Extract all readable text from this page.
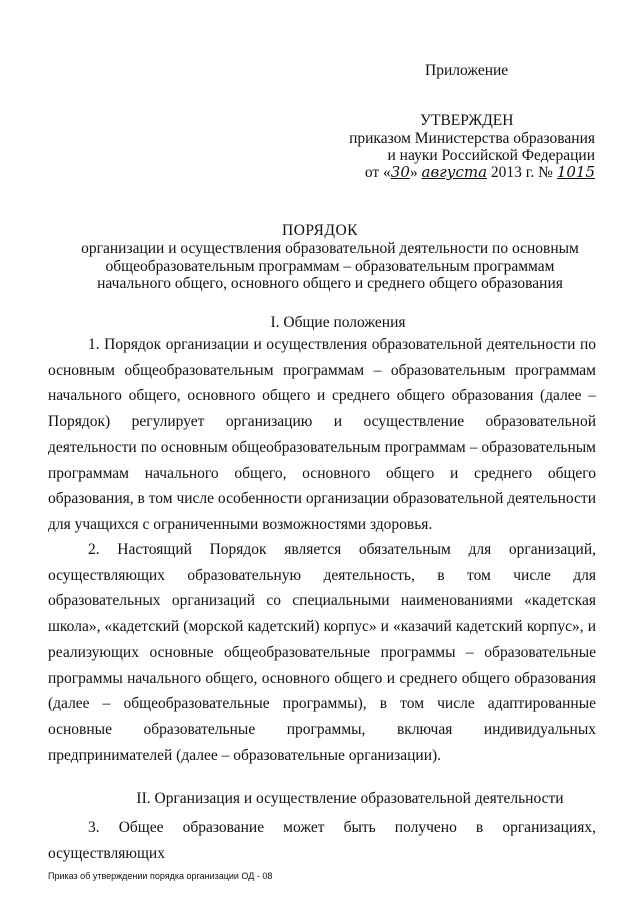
Приложение
УТВЕРЖДЕН
приказом Министерства образования
и науки Российской Федерации
от «30» августа 2013 г. № 1015
ПОРЯДОК
организации и осуществления образовательной деятельности по основным общеобразовательным программам – образовательным программам начального общего, основного общего и среднего общего образования
I. Общие положения

1. Порядок организации и осуществления образовательной деятельности по основным общеобразовательным программам – образовательным программам начального общего, основного общего и среднего общего образования (далее – Порядок) регулирует организацию и осуществление образовательной деятельности по основным общеобразовательным программам – образовательным программам начального общего, основного общего и среднего общего образования, в том числе особенности организации образовательной деятельности для учащихся с ограниченными возможностями здоровья.

2. Настоящий Порядок является обязательным для организаций, осуществляющих образовательную деятельность, в том числе для образовательных организаций со специальными наименованиями «кадетская школа», «кадетский (морской кадетский) корпус» и «казачий кадетский корпус», и реализующих основные общеобразовательные программы – образовательные программы начального общего, основного общего и среднего общего образования (далее – общеобразовательные программы), в том числе адаптированные основные образовательные программы, включая индивидуальных предпринимателей (далее – образовательные организации).

II. Организация и осуществление образовательной деятельности

3. Общее образование может быть получено в организациях, осуществляющих

Приказ об утверждении порядка организации ОД - 08
